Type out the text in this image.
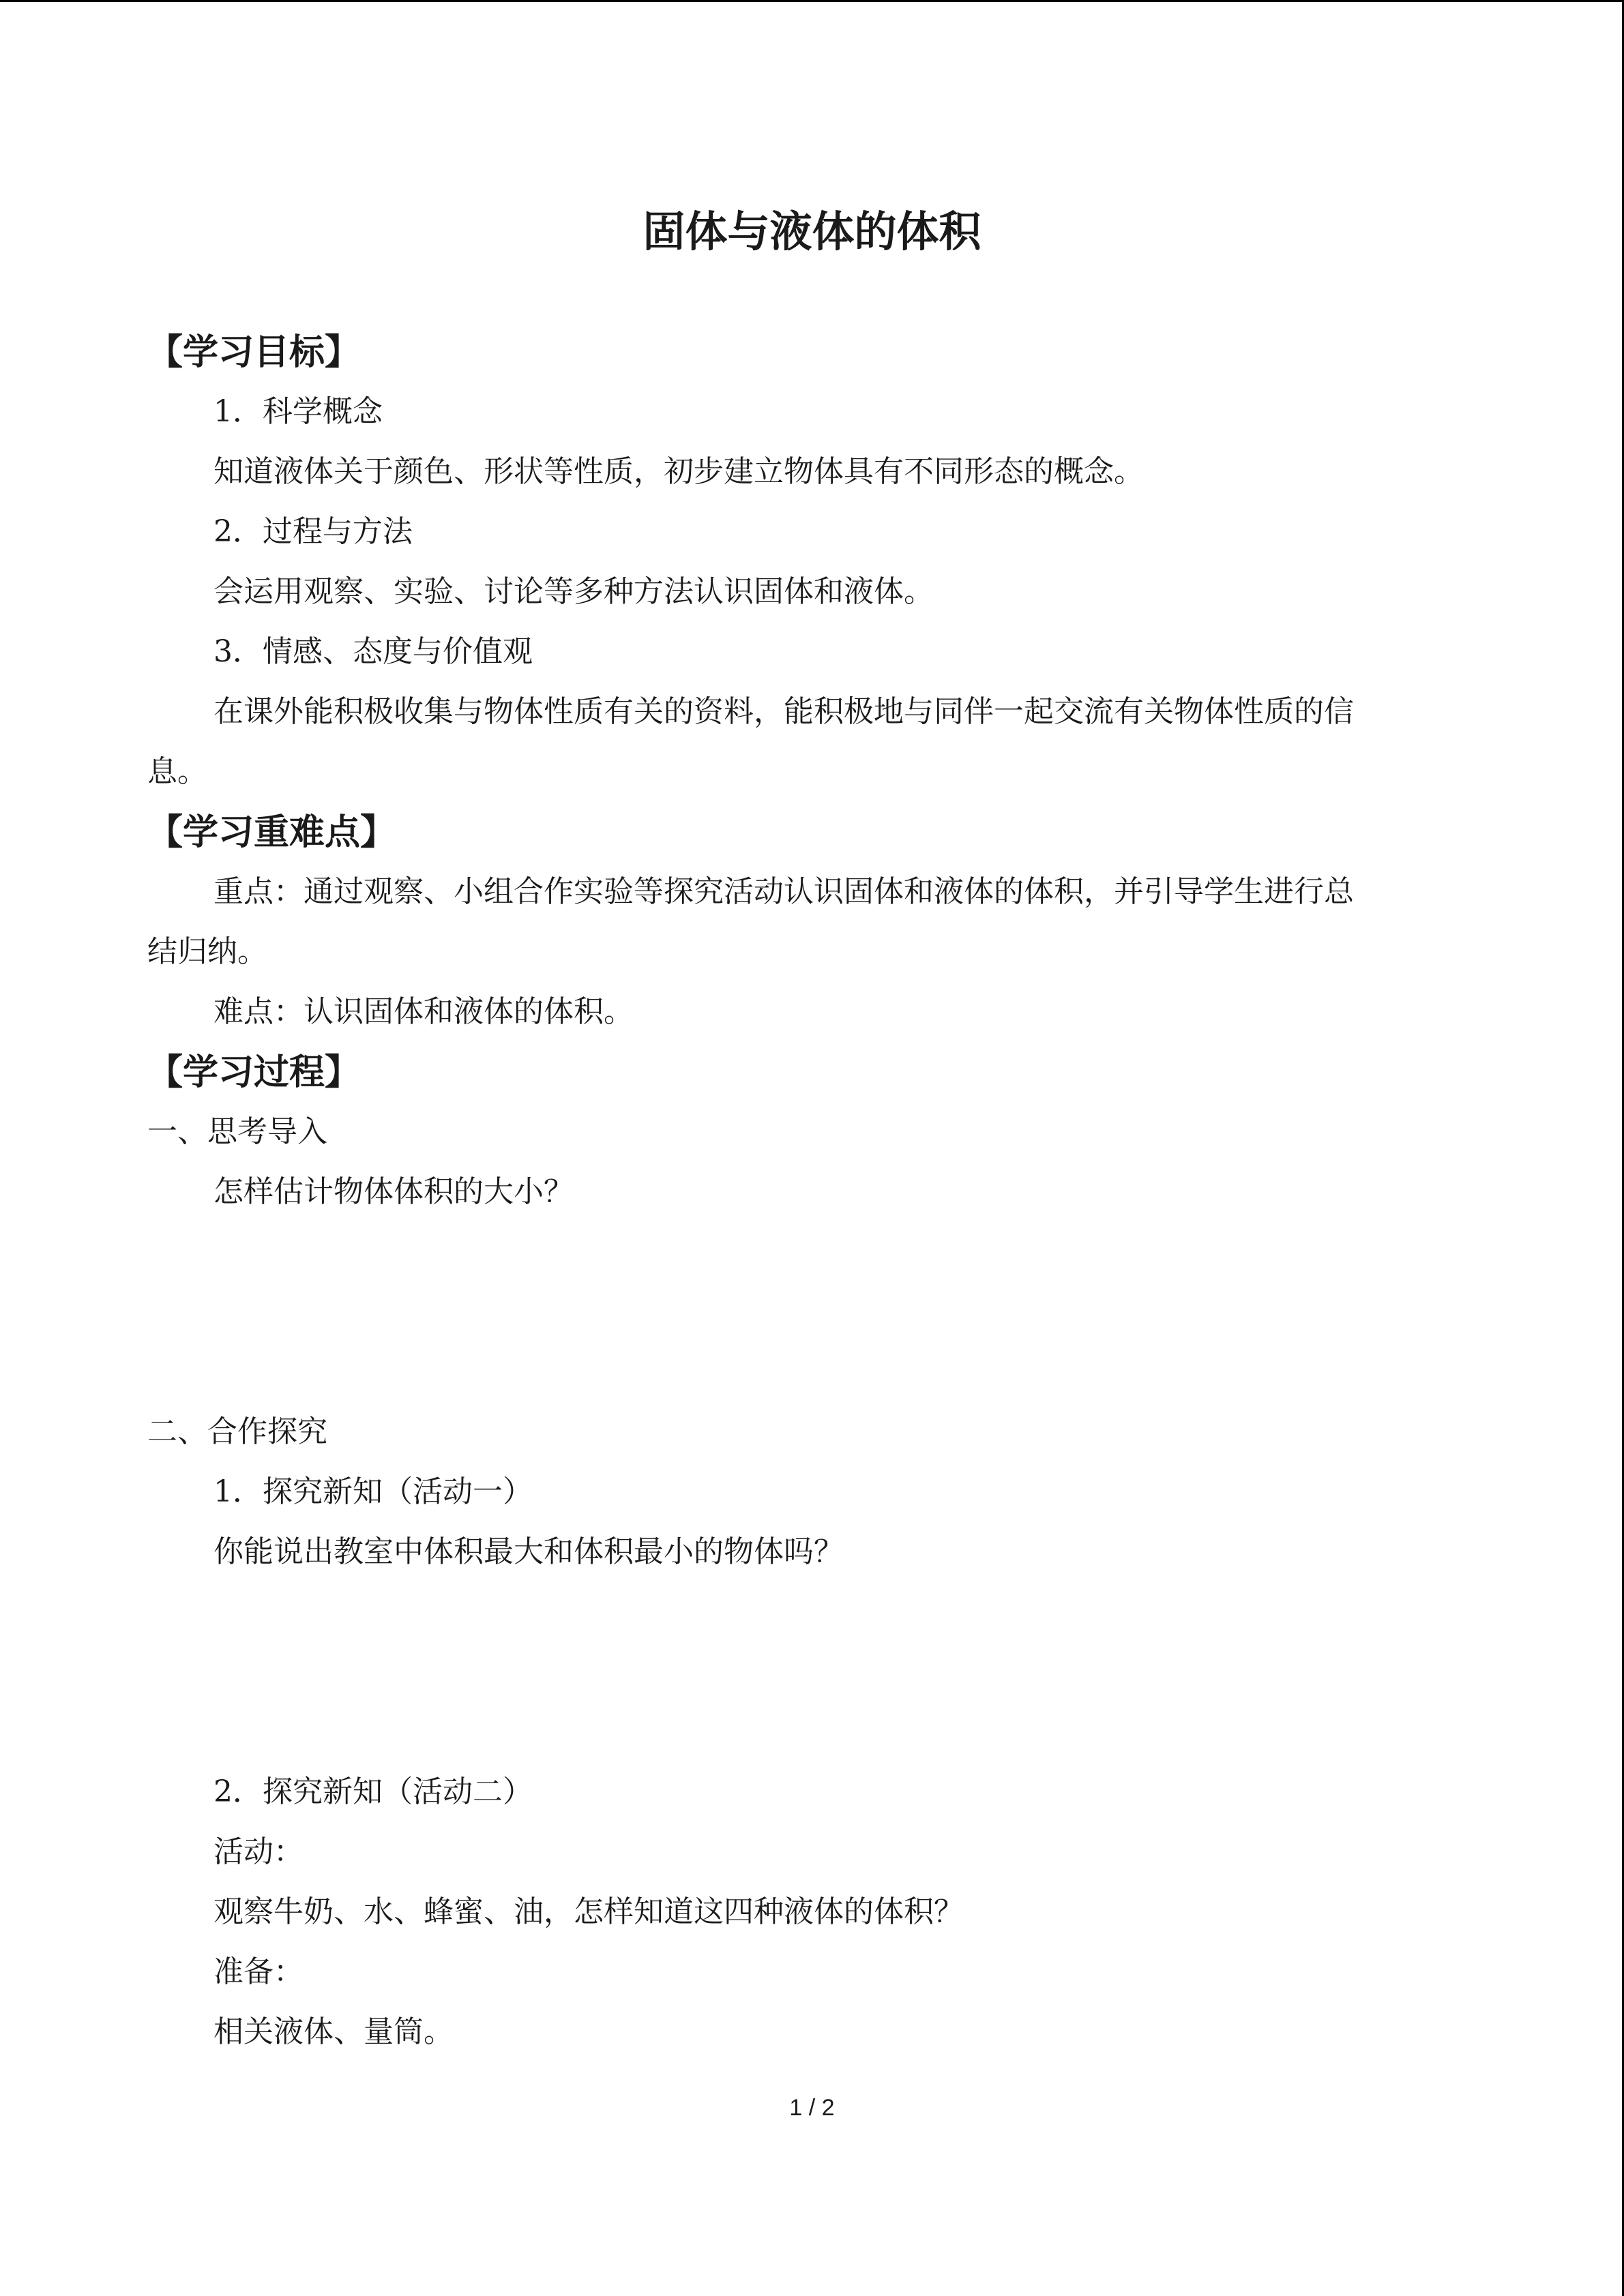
固体与液体的体积
【学习目标】
1．科学概念
知道液体关于颜色、形状等性质，初步建立物体具有不同形态的概念。
2．过程与方法
会运用观察、实验、讨论等多种方法认识固体和液体。
3．情感、态度与价值观
在课外能积极收集与物体性质有关的资料，能积极地与同伴一起交流有关物体性质的信
息。
【学习重难点】
重点：通过观察、小组合作实验等探究活动认识固体和液体的体积，并引导学生进行总
结归纳。
难点：认识固体和液体的体积。
【学习过程】
一、思考导入
怎样估计物体体积的大小？
二、合作探究
1．探究新知（活动一）
你能说出教室中体积最大和体积最小的物体吗？
2．探究新知（活动二）
活动：
观察牛奶、水、蜂蜜、油，怎样知道这四种液体的体积？
准备：
相关液体、量筒。
1 / 2
